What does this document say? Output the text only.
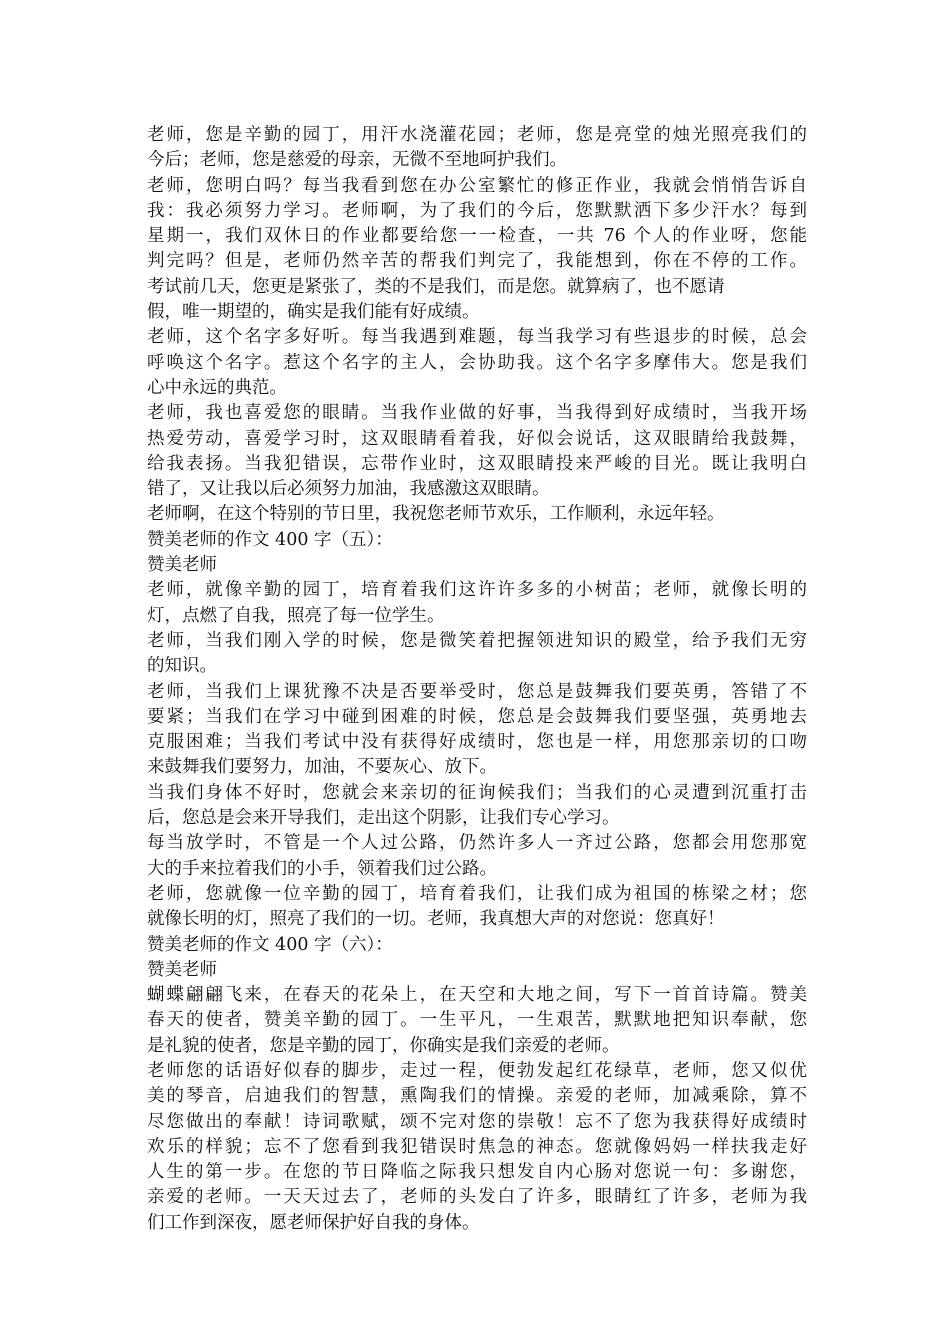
老师，您是辛勤的园丁，用汗水浇灌花园；老师，您是亮堂的烛光照亮我们的
今后；老师，您是慈爱的母亲，无微不至地呵护我们。
老师，您明白吗？每当我看到您在办公室繁忙的修正作业，我就会悄悄告诉自
我：我必须努力学习。老师啊，为了我们的今后，您默默洒下多少汗水？每到
星期一，我们双休日的作业都要给您一一检查，一共 76 个人的作业呀，您能
判完吗？但是，老师仍然辛苦的帮我们判完了，我能想到，你在不停的工作。
考试前几天，您更是紧张了，类的不是我们，而是您。就算病了，也不愿请
假，唯一期望的，确实是我们能有好成绩。
老师，这个名字多好听。每当我遇到难题，每当我学习有些退步的时候，总会
呼唤这个名字。惹这个名字的主人，会协助我。这个名字多摩伟大。您是我们
心中永远的典范。
老师，我也喜爱您的眼睛。当我作业做的好事，当我得到好成绩时，当我开场
热爱劳动，喜爱学习时，这双眼睛看着我，好似会说话，这双眼睛给我鼓舞，
给我表扬。当我犯错误，忘带作业时，这双眼睛投来严峻的目光。既让我明白
错了，又让我以后必须努力加油，我感激这双眼睛。
老师啊，在这个特别的节日里，我祝您老师节欢乐，工作顺利，永远年轻。
赞美老师的作文 400 字（五）：
赞美老师
老师，就像辛勤的园丁，培育着我们这许许多多的小树苗；老师，就像长明的
灯，点燃了自我，照亮了每一位学生。
老师，当我们刚入学的时候，您是微笑着把握领进知识的殿堂，给予我们无穷
的知识。
老师，当我们上课犹豫不决是否要举受时，您总是鼓舞我们要英勇，答错了不
要紧；当我们在学习中碰到困难的时候，您总是会鼓舞我们要坚强，英勇地去
克服困难；当我们考试中没有获得好成绩时，您也是一样，用您那亲切的口吻
来鼓舞我们要努力，加油，不要灰心、放下。
当我们身体不好时，您就会来亲切的征询候我们；当我们的心灵遭到沉重打击
后，您总是会来开导我们，走出这个阴影，让我们专心学习。
每当放学时，不管是一个人过公路，仍然许多人一齐过公路，您都会用您那宽
大的手来拉着我们的小手，领着我们过公路。
老师，您就像一位辛勤的园丁，培育着我们，让我们成为祖国的栋梁之材；您
就像长明的灯，照亮了我们的一切。老师，我真想大声的对您说：您真好！
赞美老师的作文 400 字（六）：
赞美老师
蝴蝶翩翩飞来，在春天的花朵上，在天空和大地之间，写下一首首诗篇。赞美
春天的使者，赞美辛勤的园丁。一生平凡，一生艰苦，默默地把知识奉献，您
是礼貌的使者，您是辛勤的园丁，你确实是我们亲爱的老师。
老师您的话语好似春的脚步，走过一程，便勃发起红花绿草，老师，您又似优
美的琴音，启迪我们的智慧，熏陶我们的情操。亲爱的老师，加减乘除，算不
尽您做出的奉献！诗词歌赋，颂不完对您的崇敬！忘不了您为我获得好成绩时
欢乐的样貌；忘不了您看到我犯错误时焦急的神态。您就像妈妈一样扶我走好
人生的第一步。在您的节日降临之际我只想发自内心肠对您说一句：多谢您，
亲爱的老师。一天天过去了，老师的头发白了许多，眼睛红了许多，老师为我
们工作到深夜，愿老师保护好自我的身体。
